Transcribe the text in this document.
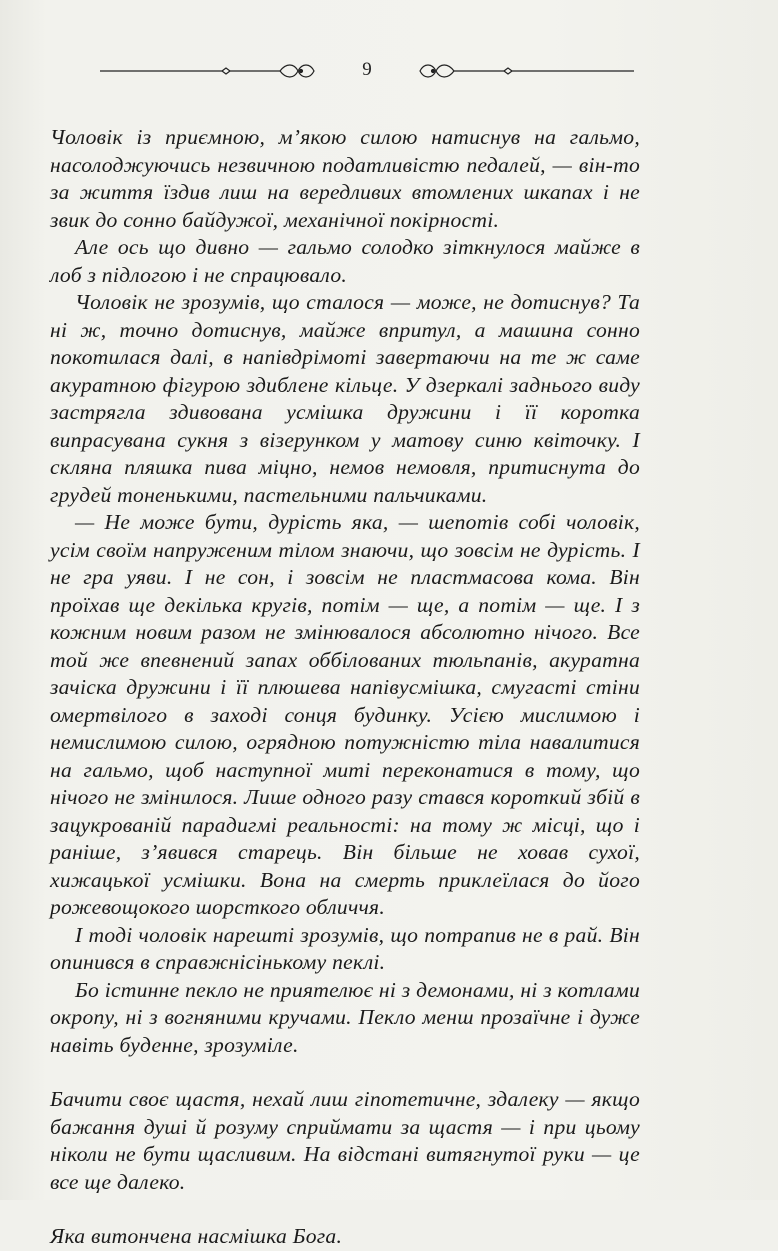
9

Чоловік із приємною, м’якою силою натиснув на гальмо, насолоджуючись незвичною податливістю педалей, — він-то за життя їздив лиш на вередливих втомлених шкапах і не звик до сонно байдужої, механічної покірності.

Але ось що дивно — гальмо солодко зіткнулося майже в лоб з підлогою і не спрацювало.

Чоловік не зрозумів, що сталося — може, не дотиснув? Та ні ж, точно дотиснув, майже впритул, а машина сонно покотилася далі, в напівдрімоті завертаючи на те ж саме акуратною фігурою здиблене кільце. У дзеркалі заднього виду застрягла здивована усмішка дружини і її коротка випрасувана сукня з візерунком у матову синю квіточку. І скляна пляшка пива міцно, немов немовля, притиснута до грудей тоненькими, пастельними пальчиками.

— Не може бути, дурість яка, — шепотів собі чоловік, усім своїм напруженим тілом знаючи, що зовсім не дурість. І не гра уяви. І не сон, і зовсім не пластмасова кома. Він проїхав ще декілька кругів, потім — ще, а потім — ще. І з кожним новим разом не змінювалося абсолютно нічого. Все той же впевнений запах оббілованих тюльпанів, акуратна зачіска дружини і її плюшева напівусмішка, смугасті стіни омертвілого в заході сонця будинку. Усією мислимою і немислимою силою, огрядною потужністю тіла навалитися на гальмо, щоб наступної миті переконатися в тому, що нічого не змінилося. Лише одного разу стався короткий збій в зацукрованій парадигмі реальності: на тому ж місці, що і раніше, з’явився старець. Він більше не ховав сухої, хижацької усмішки. Вона на смерть приклеїлася до його рожевощокого шорсткого обличчя.

І тоді чоловік нарешті зрозумів, що потрапив не в рай. Він опинився в справжнісінькому пеклі.

Бо істинне пекло не приятелює ні з демонами, ні з котлами окропу, ні з вогняними кручами. Пекло менш прозаїчне і дуже навіть буденне, зрозуміле.

Бачити своє щастя, нехай лиш гіпотетичне, здалеку — якщо бажання душі й розуму сприймати за щастя — і при цьому ніколи не бути щасливим. На відстані витягнутої руки — це все ще далеко.

Яка витончена насмішка Бога.
